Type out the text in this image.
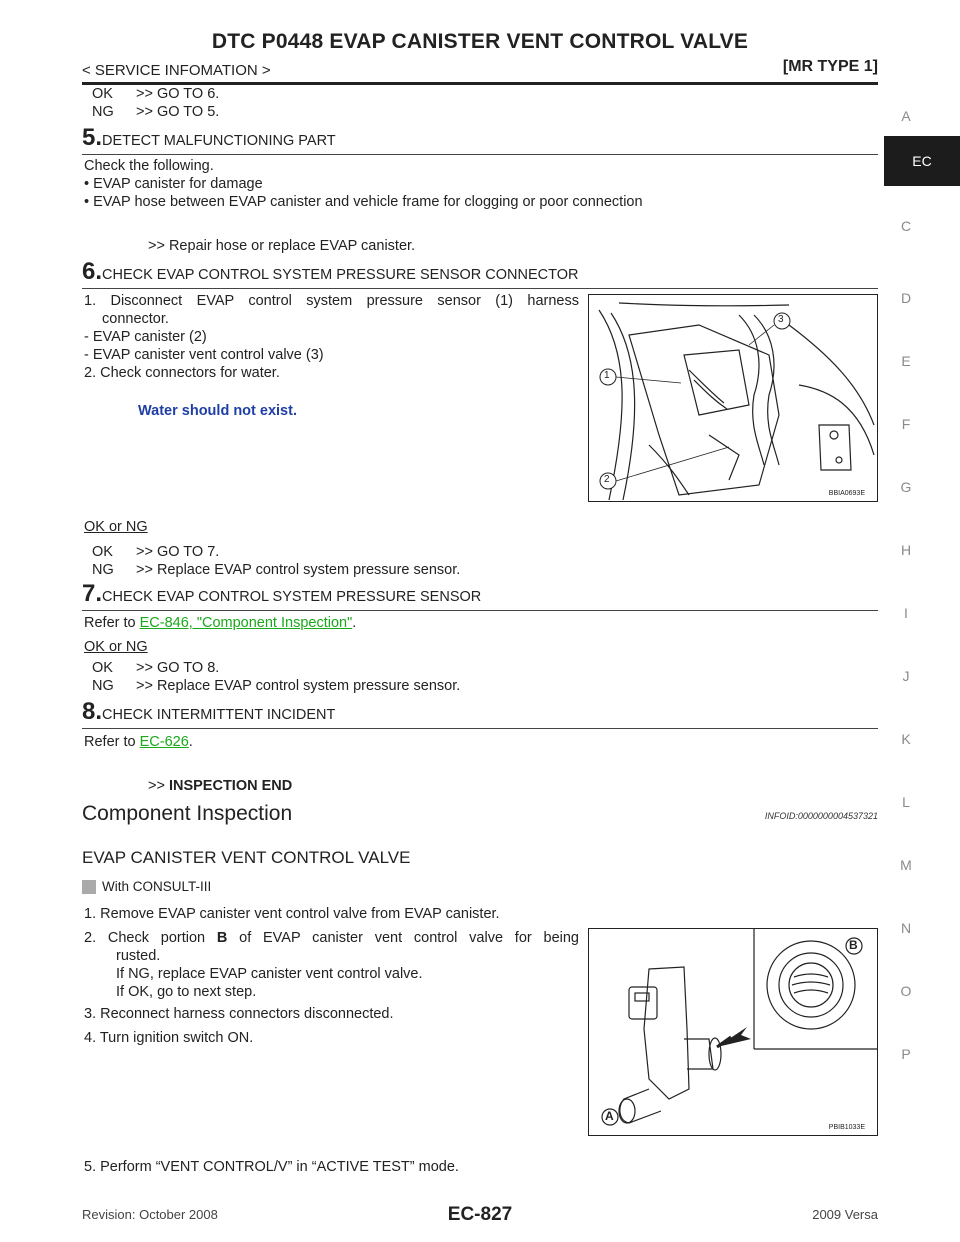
DTC P0448 EVAP CANISTER VENT CONTROL VALVE
< SERVICE INFOMATION >	[MR TYPE 1]
A
EC
C
D
E
F
G
H
I
J
K
L
M
N
O
P
OK	>> GO TO 6.
NG	>> GO TO 5.
5. DETECT MALFUNCTIONING PART
Check the following.
• EVAP canister for damage
• EVAP hose between EVAP canister and vehicle frame for clogging or poor connection
>> Repair hose or replace EVAP canister.
6. CHECK EVAP CONTROL SYSTEM PRESSURE SENSOR CONNECTOR
1. Disconnect EVAP control system pressure sensor (1) harness
connector.
- EVAP canister (2)
- EVAP canister vent control valve (3)
2. Check connectors for water.
Water should not exist.
1
2
3
BBIA0693E
OK or NG
OK	>> GO TO 7.
NG	>> Replace EVAP control system pressure sensor.
7. CHECK EVAP CONTROL SYSTEM PRESSURE SENSOR
Refer to EC-846, "Component Inspection".
OK or NG
OK	>> GO TO 8.
NG	>> Replace EVAP control system pressure sensor.
8. CHECK INTERMITTENT INCIDENT
Refer to EC-626.
>> INSPECTION END
Component Inspection	INFOID:0000000004537321
EVAP CANISTER VENT CONTROL VALVE
With CONSULT-III
1. Remove EVAP canister vent control valve from EVAP canister.
2. Check portion B of EVAP canister vent control valve for being
rusted.
If NG, replace EVAP canister vent control valve.
If OK, go to next step.
3. Reconnect harness connectors disconnected.
4. Turn ignition switch ON.
5. Perform “VENT CONTROL/V” in “ACTIVE TEST” mode.
B
A
PBIB1033E
Revision: October 2008	EC-827	2009 Versa
